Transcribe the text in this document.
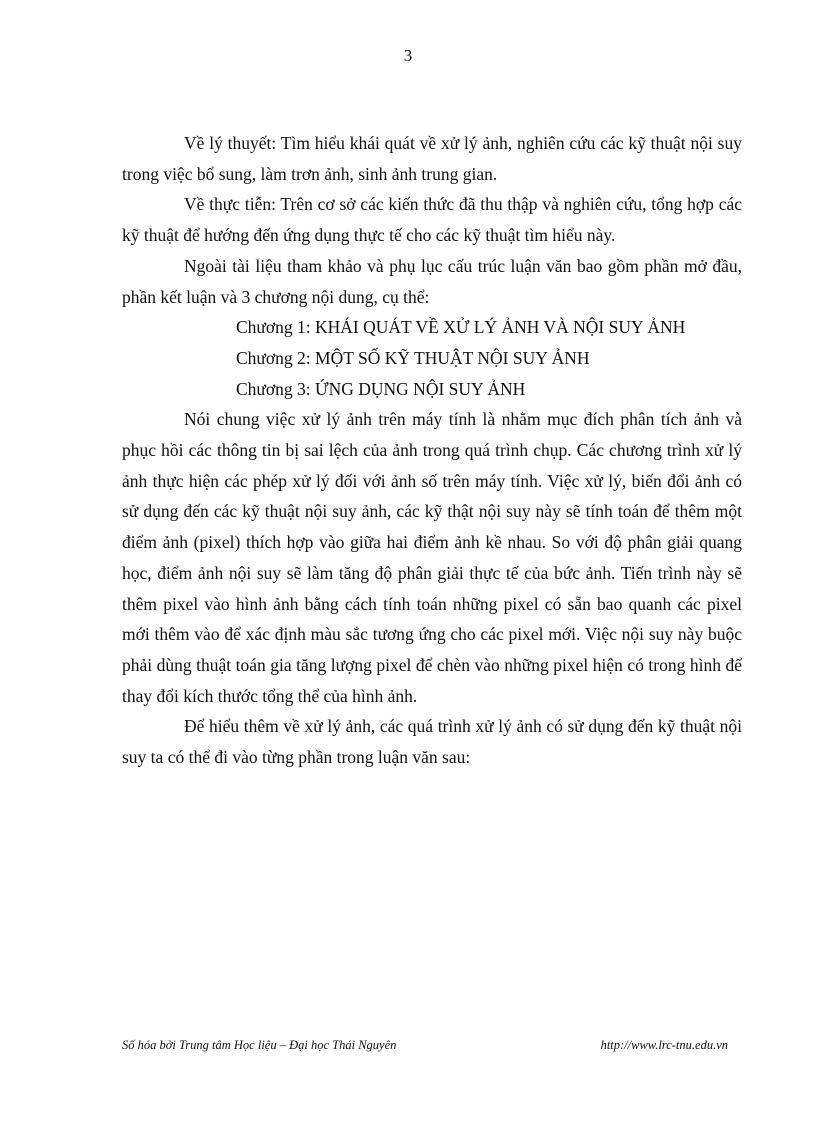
3

Về lý thuyết: Tìm hiểu khái quát về xử lý ảnh, nghiên cứu các kỹ thuật nội suy trong việc bổ sung, làm trơn ảnh, sinh ảnh trung gian.

Về thực tiễn: Trên cơ sở các kiến thức đã thu thập và nghiên cứu, tổng hợp các kỹ thuật để hướng đến ứng dụng thực tế cho các kỹ thuật tìm hiểu này.

Ngoài tài liệu tham khảo và phụ lục cấu trúc luận văn bao gồm phần mở đầu, phần kết luận và 3 chương nội dung, cụ thể:

Chương 1: KHÁI QUÁT VỀ XỬ LÝ ẢNH VÀ NỘI SUY ẢNH

Chương 2: MỘT SỐ KỸ THUẬT NỘI SUY ẢNH

Chương 3: ỨNG DỤNG NỘI SUY ẢNH

Nói chung việc xử lý ảnh trên máy tính là nhằm mục đích phân tích ảnh và phục hồi các thông tin bị sai lệch của ảnh trong quá trình chụp. Các chương trình xử lý ảnh thực hiện các phép xử lý đối với ảnh số trên máy tính. Việc xử lý, biến đổi ảnh có sử dụng đến các kỹ thuật nội suy ảnh, các kỹ thật nội suy này sẽ tính toán để thêm một điểm ảnh (pixel) thích hợp vào giữa hai điểm ảnh kề nhau. So với độ phân giải quang học, điểm ảnh nội suy sẽ làm tăng độ phân giải thực tế của bức ảnh. Tiến trình này sẽ thêm pixel vào hình ảnh bằng cách tính toán những pixel có sẵn bao quanh các pixel mới thêm vào để xác định màu sắc tương ứng cho các pixel mới. Việc nội suy này buộc phải dùng thuật toán gia tăng lượng pixel để chèn vào những pixel hiện có trong hình để thay đổi kích thước tổng thể của hình ảnh.

Để hiểu thêm về xử lý ảnh, các quá trình xử lý ảnh có sử dụng đến kỹ thuật nội suy ta có thể đi vào từng phần trong luận văn sau:

Số hóa bởi Trung tâm Học liệu – Đại học Thái Nguyên	http://www.lrc-tnu.edu.vn
